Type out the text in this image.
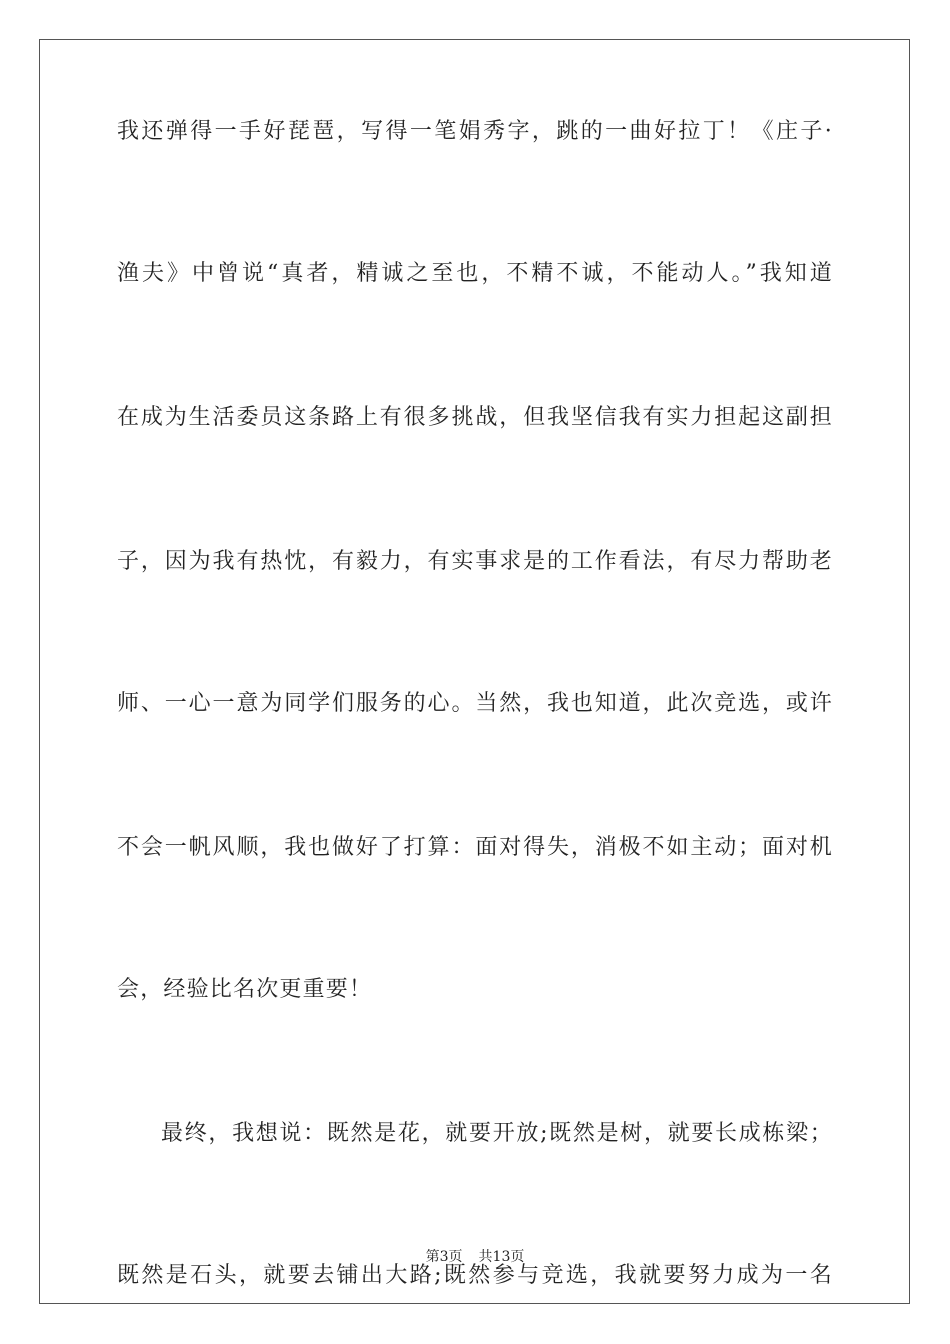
我还弹得一手好琵琶，写得一笔娟秀字，跳的一曲好拉丁！《庄子·
渔夫》中曾说“真者，精诚之至也，不精不诚，不能动人。”我知道
在成为生活委员这条路上有很多挑战，但我坚信我有实力担起这副担
子，因为我有热忱，有毅力，有实事求是的工作看法，有尽力帮助老
师、一心一意为同学们服务的心。当然，我也知道，此次竞选，或许
不会一帆风顺，我也做好了打算：面对得失，消极不如主动；面对机
会，经验比名次更重要！
最终，我想说：既然是花，就要开放;既然是树，就要长成栋梁；
第3页 共13页
既然是石头，就要去铺出大路;既然参与竞选，我就要努力成为一名
